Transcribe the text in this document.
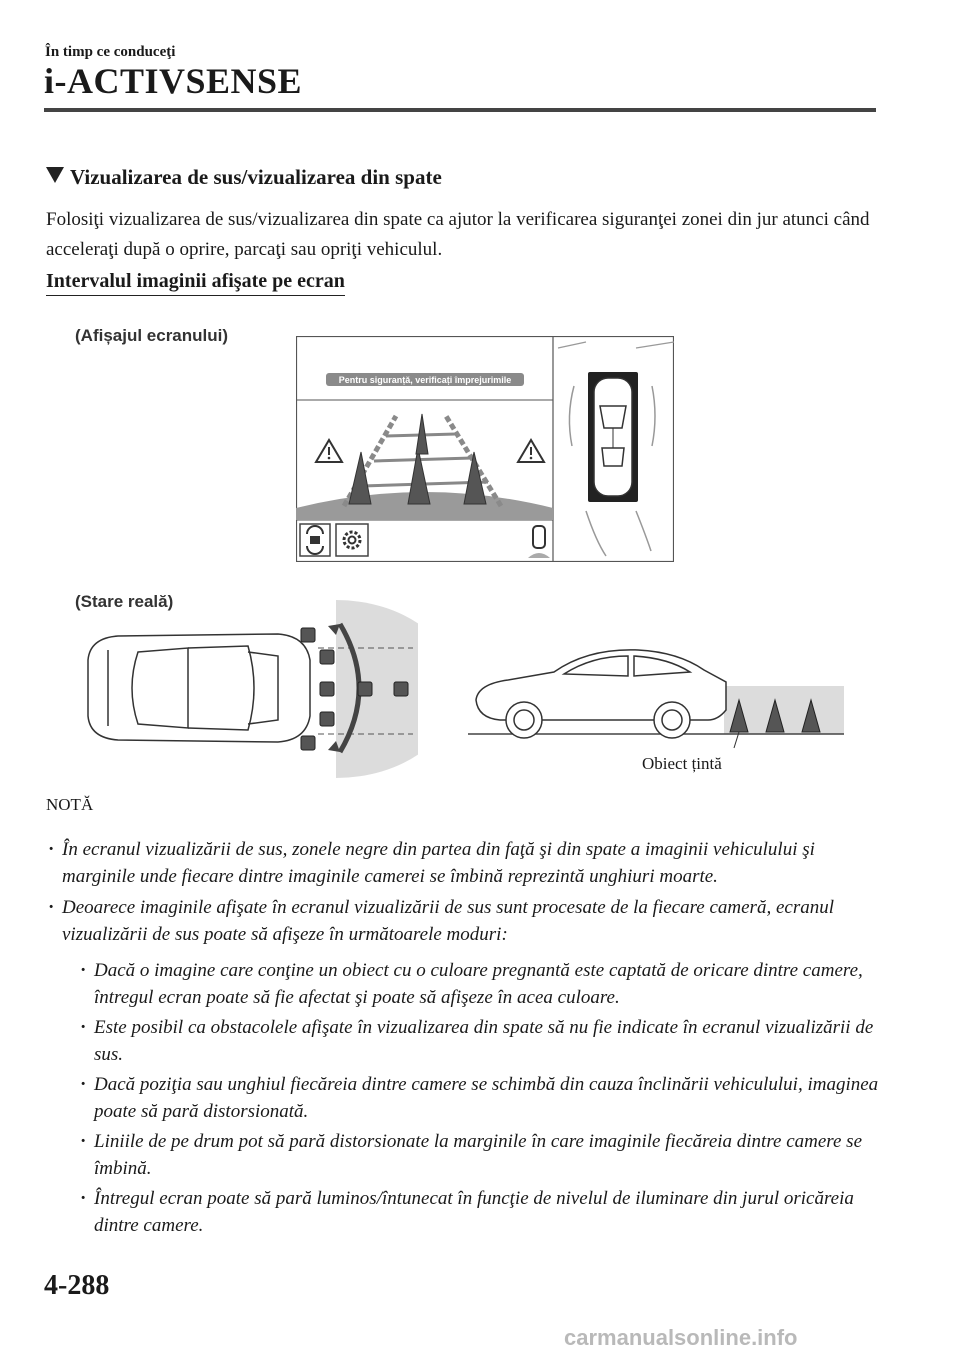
În timp ce conduceţi
i-ACTIVSENSE
Vizualizarea de sus/vizualizarea din spate
Folosiţi vizualizarea de sus/vizualizarea din spate ca ajutor la verificarea siguranţei zonei din jur atunci când acceleraţi după o oprire, parcaţi sau opriţi vehiculul.
Intervalul imaginii afişate pe ecran
(Afișajul ecranului)
Pentru siguranță, verificați împrejurimile
(Stare reală)
Obiect țintă
NOTĂ
· În ecranul vizualizării de sus, zonele negre din partea din faţă şi din spate a imaginii vehiculului şi marginile unde fiecare dintre imaginile camerei se îmbină reprezintă unghiuri moarte.
· Deoarece imaginile afişate în ecranul vizualizării de sus sunt procesate de la fiecare cameră, ecranul vizualizării de sus poate să afişeze în următoarele moduri:
· Dacă o imagine care conţine un obiect cu o culoare pregnantă este captată de oricare dintre camere, întregul ecran poate să fie afectat şi poate să afişeze în acea culoare.
· Este posibil ca obstacolele afişate în vizualizarea din spate să nu fie indicate în ecranul vizualizării de sus.
· Dacă poziţia sau unghiul fiecăreia dintre camere se schimbă din cauza înclinării vehiculului, imaginea poate să pară distorsionată.
· Liniile de pe drum pot să pară distorsionate la marginile în care imaginile fiecăreia dintre camere se îmbină.
· Întregul ecran poate să pară luminos/întunecat în funcţie de nivelul de iluminare din jurul oricăreia dintre camere.
4-288
carmanualsonline.info
